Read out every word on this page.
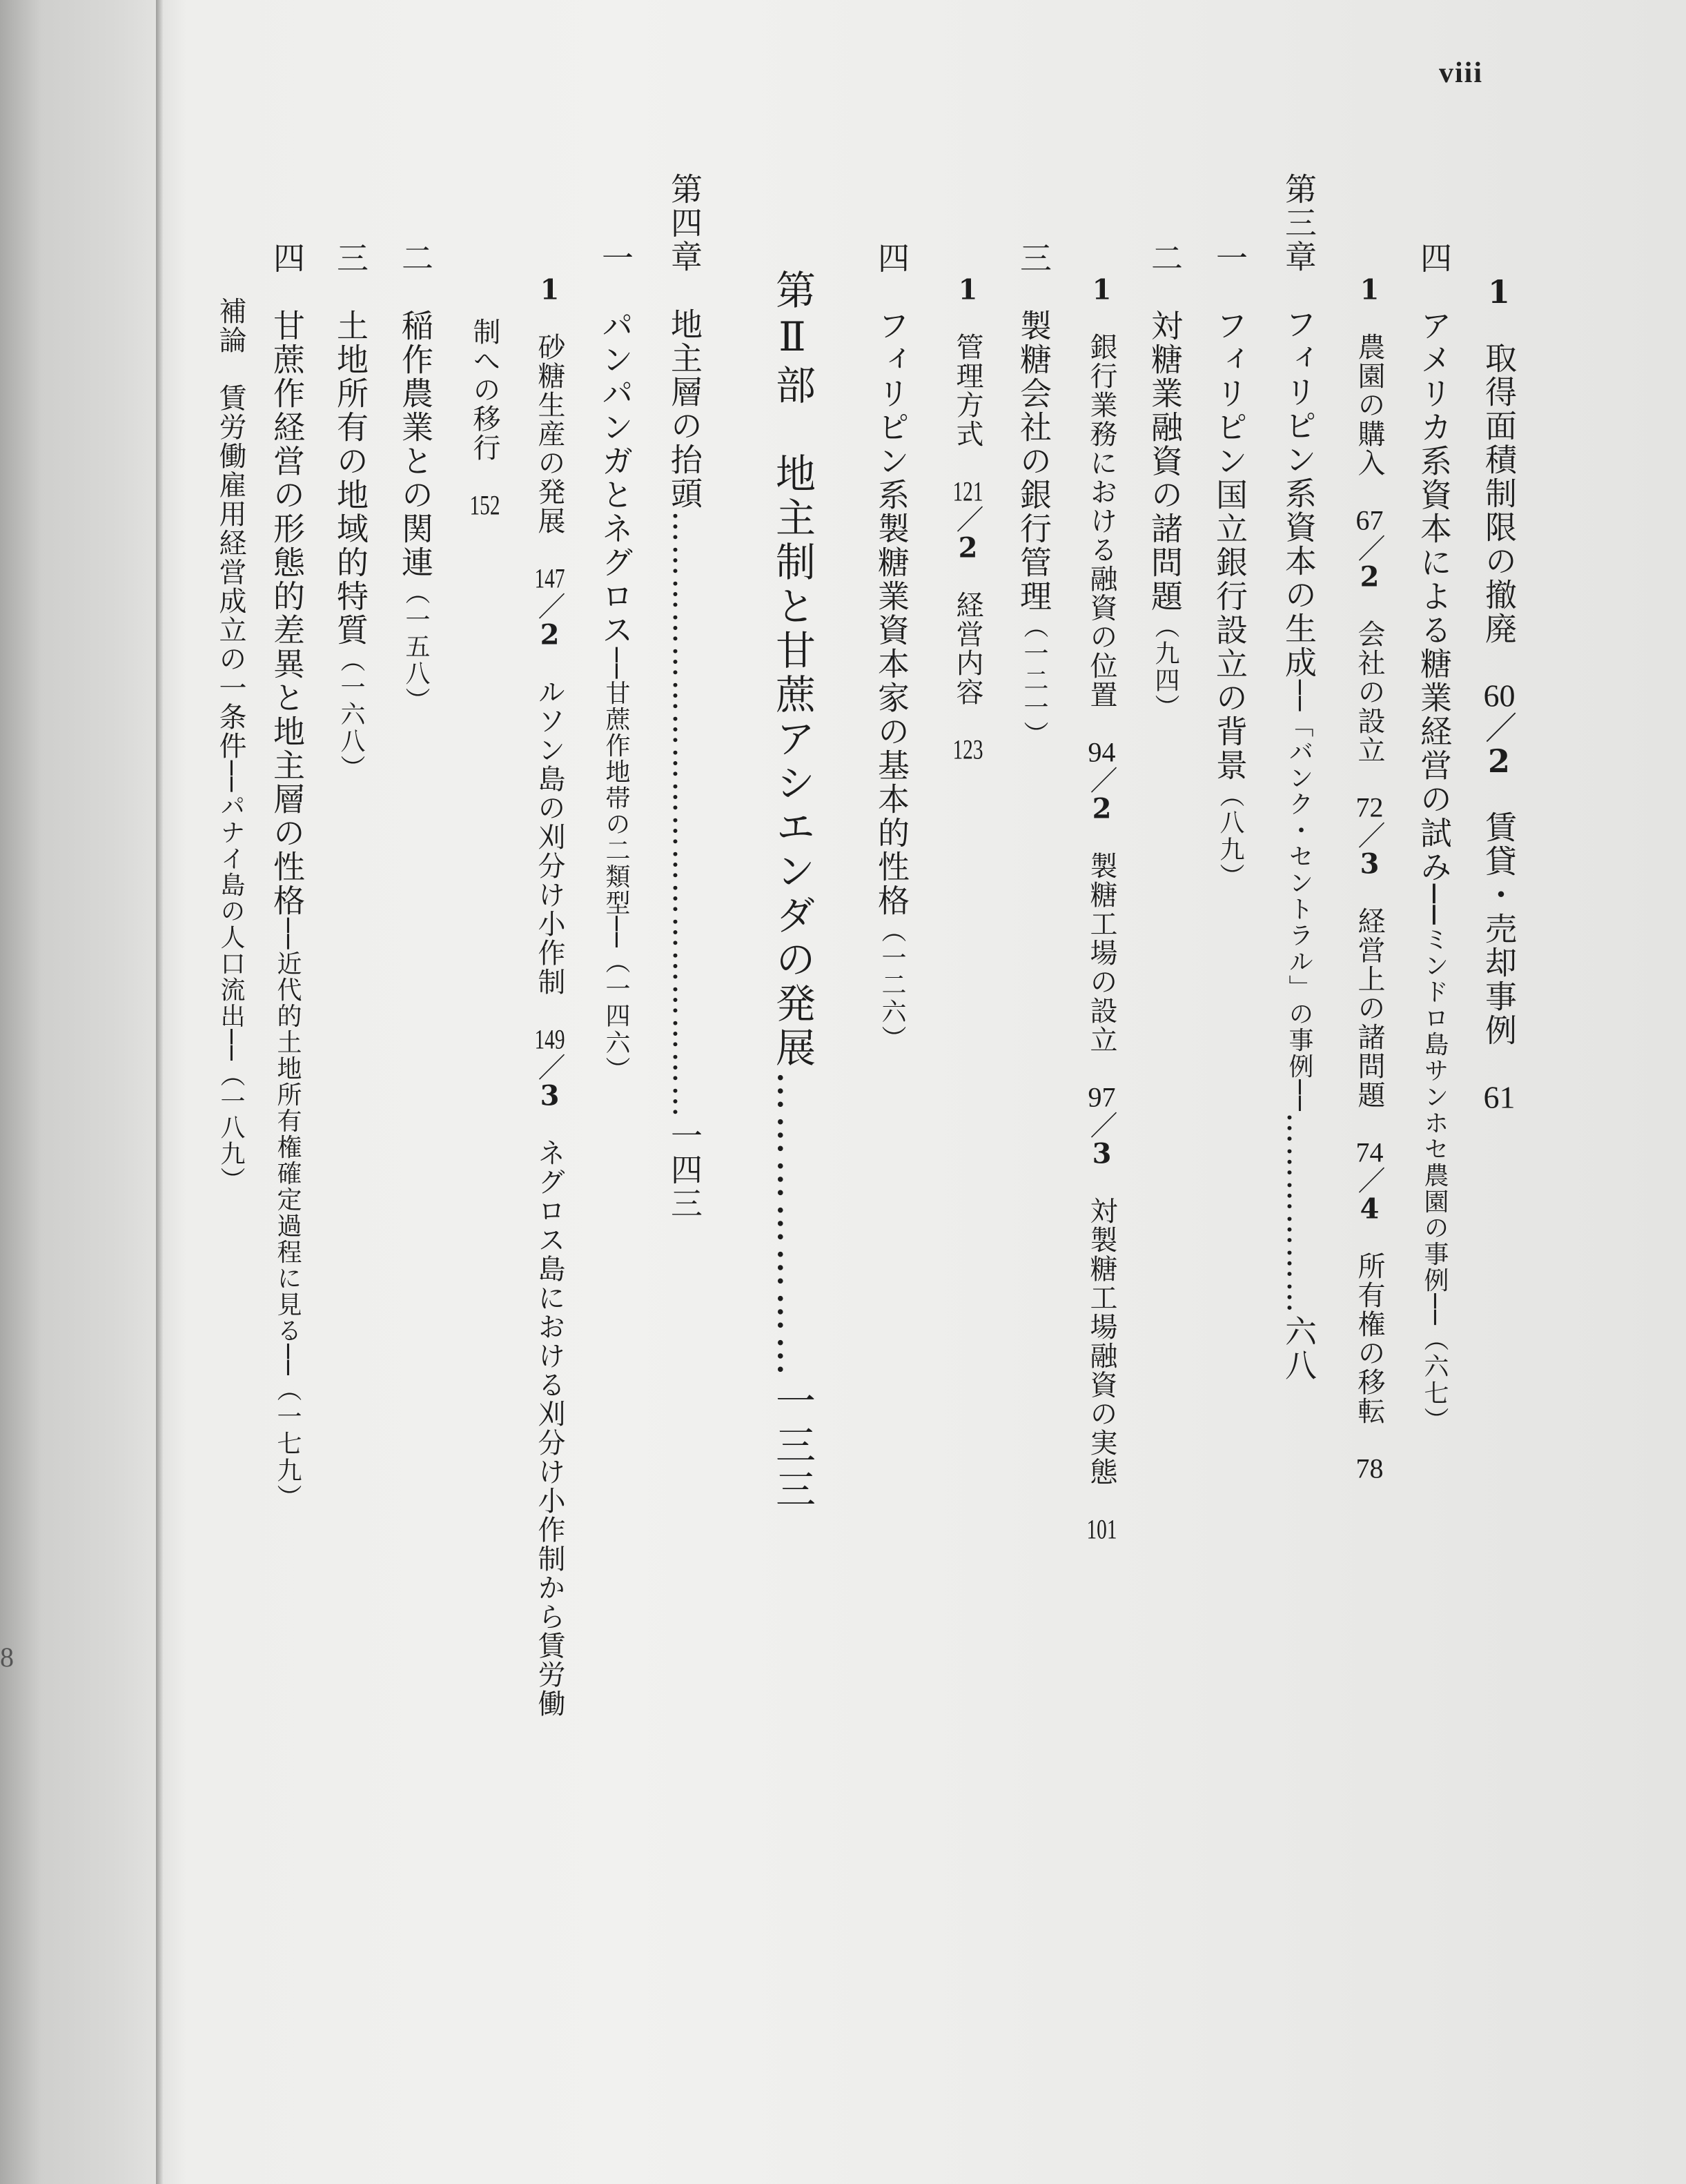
8
viii
1　取得面積制限の撤廃　60／2　賃貸・売却事例　61
四　アメリカ系資本による糖業経営の試み──ミンドロ島サンホセ農園の事例──（六七）
1　農園の購入　67／2　会社の設立　72／3　経営上の諸問題　74／4　所有権の移転　78
第三章　フィリピン系資本の生成──「バンク・セントラル」の事例──………………六八
一　フィリピン国立銀行設立の背景（八九）
二　対糖業融資の諸問題（九四）
1　銀行業務における融資の位置　94／2　製糖工場の設立　97／3　対製糖工場融資の実態　101
三　製糖会社の銀行管理（一二一）
1　管理方式　121／2　経営内容　123
四　フィリピン系製糖業資本家の基本的性格（一二六）
第Ⅱ部　地主制と甘蔗アシエンダの発展…………………一三三
第四章　地主層の抬頭………………………………………………一四三
一　パンパンガとネグロス──甘蔗作地帯の二類型──（一四六）
1　砂糖生産の発展　147／2　ルソン島の刈分け小作制　149／3　ネグロス島における刈分け小作制から賃労働
制への移行　152
二　稲作農業との関連（一五八）
三　土地所有の地域的特質（一六八）
四　甘蔗作経営の形態的差異と地主層の性格──近代的土地所有権確定過程に見る──（一七九）
補論　賃労働雇用経営成立の一条件──パナイ島の人口流出──（一八九）
